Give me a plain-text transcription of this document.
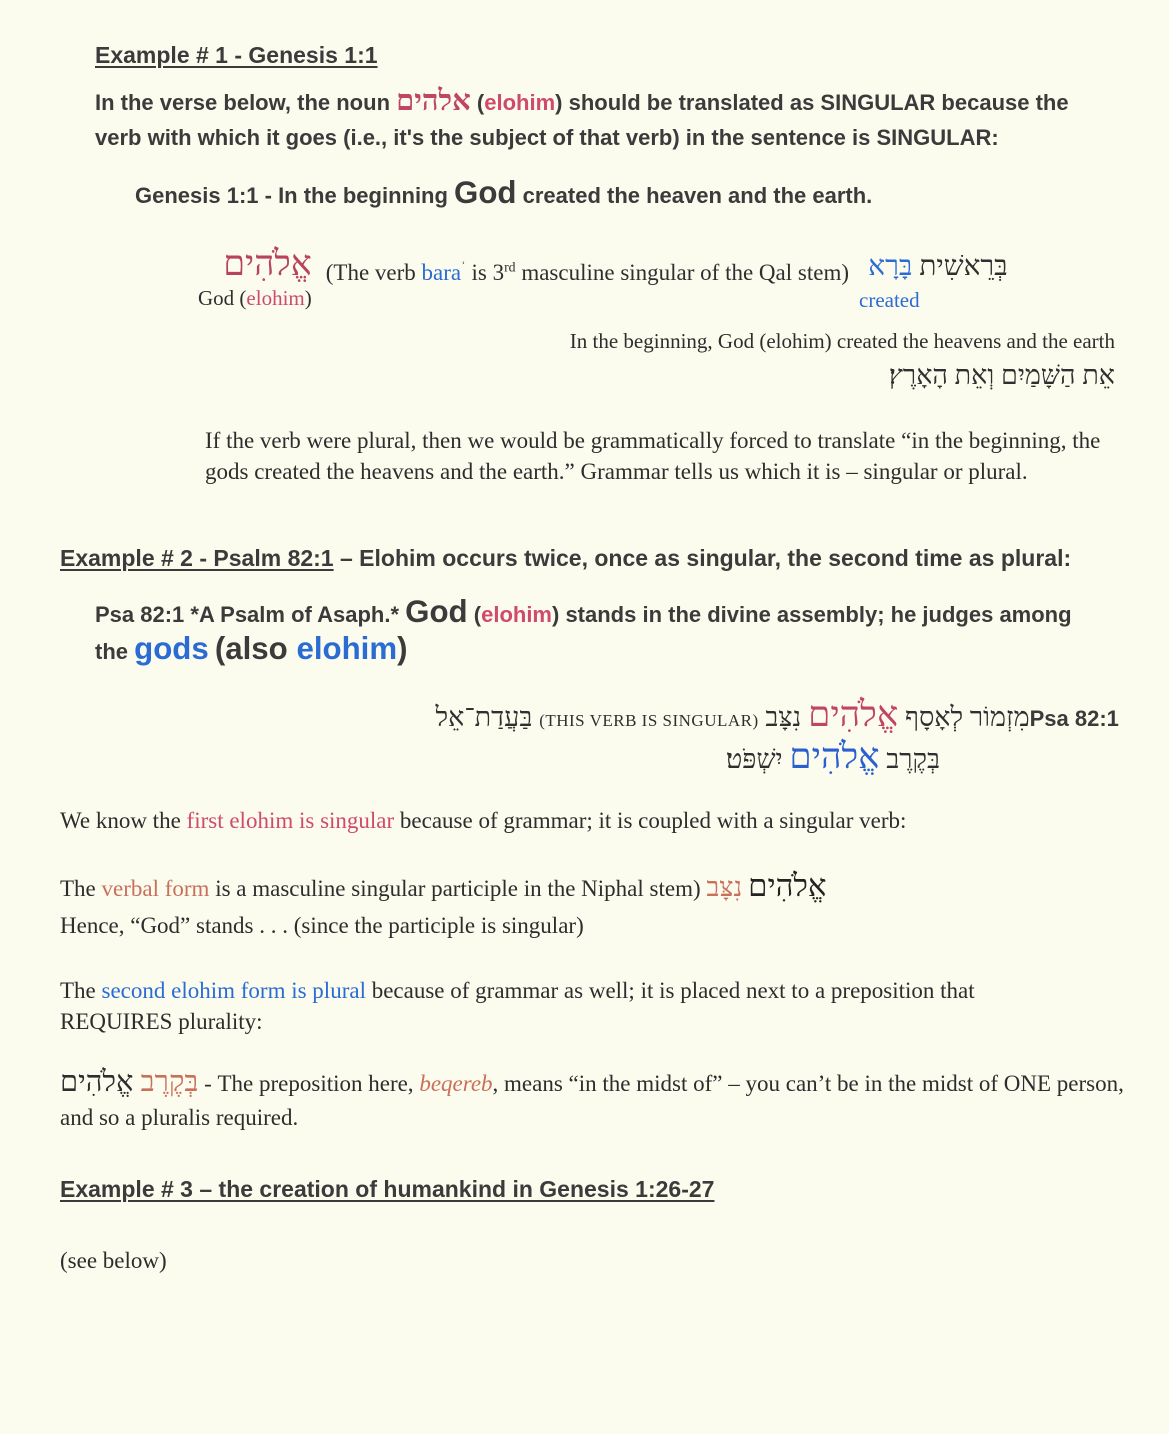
Example # 1 - Genesis 1:1

In the verse below, the noun אלהים (elohim) should be translated as SINGULAR because the verb with which it goes (i.e., it's the subject of that verb) in the sentence is SINGULAR:

Genesis 1:1 - In the beginning God created the heaven and the earth.

אֱלֹהִים
God (elohim)
(The verb bara$^ʾ$ is 3rd masculine singular of the Qal stem)	בְּרֵאשִׁית בָּרָא
created
In the beginning, God (elohim) created the heavens and the earth
אֵת הַשָּׁמַיִם וְאֵת הָאָרֶץ׃

If the verb were plural, then we would be grammatically forced to translate “in the beginning, the gods created the heavens and the earth.” Grammar tells us which it is – singular or plural.

Example # 2 - Psalm 82:1 – Elohim occurs twice, once as singular, the second time as plural:

Psa 82:1 *A Psalm of Asaph.* God (elohim) stands in the divine assembly; he judges among the gods (also elohim)

Psa 82:1 מִזְמוֹר לְאָסָף אֱלֹהִים נִצָּב (THIS VERB IS SINGULAR) בַּעֲדַת־אֵל
בְּקֶרֶב אֱלֹהִים יִשְׁפֹּט׃

We know the first elohim is singular because of grammar; it is coupled with a singular verb:

The verbal form is a masculine singular participle in the Niphal stem) אֱלֹהִים נִצָּב

Hence, “God” stands . . . (since the participle is singular)

The second elohim form is plural because of grammar as well; it is placed next to a preposition that REQUIRES plurality:

בְּקֶרֶב אֱלֹהִים	- The preposition here, beqereb, means “in the midst of” – you can’t be in the midst of ONE person, and so a pluralis required.

Example # 3 – the creation of humankind in Genesis 1:26-27

(see below)
